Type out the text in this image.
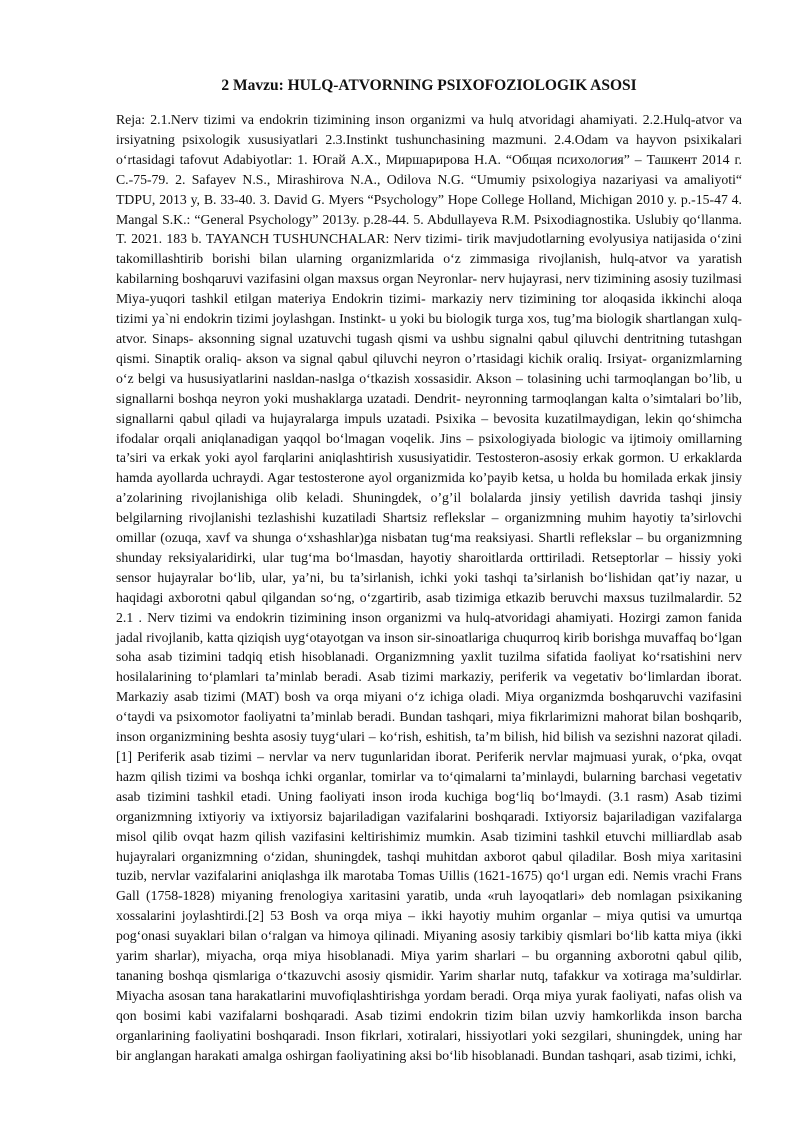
2 Mavzu: HULQ-ATVORNING PSIXOFOZIOLOGIK ASOSI

Reja: 2.1.Nerv tizimi va endokrin tizimining inson organizmi va hulq atvoridagi ahamiyati. 2.2.Hulq-atvor va irsiyatning psixologik xususiyatlari 2.3.Instinkt tushunchasining mazmuni. 2.4.Odam va hayvon psixikalari oʻrtasidagi tafovut Adabiyotlar: 1. Югай А.Х., Миршарирова Н.А. “Общая психология” – Ташкент 2014 г. С.-75-79. 2. Safayev N.S., Mirashirova N.A., Odilova N.G. “Umumiy psixologiya nazariyasi va amaliyoti“ TDPU, 2013 y, B. 33-40. 3. David G. Myers “Psychology” Hope College Holland, Michigan 2010 y. p.-15-47 4. Mangal S.K.: “General Psychology” 2013y. p.28-44. 5. Abdullayeva R.M. Psixodiagnostika. Uslubiy qoʻllanma. T. 2021. 183 b. TAYANCH TUSHUNCHALAR: Nerv tizimi- tirik mavjudotlarning evolyusiya natijasida oʻzini takomillashtirib borishi bilan ularning organizmlarida oʻz zimmasiga rivojlanish, hulq-atvor va yaratish kabilarning boshqaruvi vazifasini olgan maxsus organ Neyronlar- nerv hujayrasi, nerv tizimining asosiy tuzilmasi Miya-yuqori tashkil etilgan materiya Endokrin tizimi- markaziy nerv tizimining tor aloqasida ikkinchi aloqa tizimi ya`ni endokrin tizimi joylashgan. Instinkt- u yoki bu biologik turga xos, tug’ma biologik shartlangan xulq-atvor. Sinaps- aksonning signal uzatuvchi tugash qismi va ushbu signalni qabul qiluvchi dentritning tutashgan qismi. Sinaptik oraliq- akson va signal qabul qiluvchi neyron o’rtasidagi kichik oraliq. Irsiyat- organizmlarning oʻz belgi va hususiyatlarini nasldan-naslga oʻtkazish xossasidir. Akson – tolasining uchi tarmoqlangan bo’lib, u signallarni boshqa neyron yoki mushaklarga uzatadi. Dendrit- neyronning tarmoqlangan kalta o’simtalari bo’lib, signallarni qabul qiladi va hujayralarga impuls uzatadi. Psixika – bevosita kuzatilmaydigan, lekin qoʻshimcha ifodalar orqali aniqlanadigan yaqqol boʻlmagan voqelik. Jins – psixologiyada biologic va ijtimoiy omillarning ta’siri va erkak yoki ayol farqlarini aniqlashtirish xususiyatidir. Testosteron-asosiy erkak gormon. U erkaklarda hamda ayollarda uchraydi. Agar testosterone ayol organizmida ko’payib ketsa, u holda bu homilada erkak jinsiy a’zolarining rivojlanishiga olib keladi. Shuningdek, o’g’il bolalarda jinsiy yetilish davrida tashqi jinsiy belgilarning rivojlanishi tezlashishi kuzatiladi Shartsiz reflekslar – organizmning muhim hayotiy ta’sirlovchi omillar (ozuqa, xavf va shunga oʻxshashlar)ga nisbatan tugʻma reaksiyasi. Shartli reflekslar – bu organizmning shunday reksiyalaridirki, ular tugʻma boʻlmasdan, hayotiy sharoitlarda orttiriladi. Retseptorlar – hissiy yoki sensor hujayralar boʻlib, ular, ya’ni, bu ta’sirlanish, ichki yoki tashqi ta’sirlanish boʻlishidan qat’iy nazar, u haqidagi axborotni qabul qilgandan soʻng, oʻzgartirib, asab tizimiga etkazib beruvchi maxsus tuzilmalardir. 52 2.1 . Nerv tizimi va endokrin tizimining inson organizmi va hulq-atvoridagi ahamiyati. Hozirgi zamon fanida jadal rivojlanib, katta qiziqish uygʻotayotgan va inson sir-sinoatlariga chuqurroq kirib borishga muvaffaq boʻlgan soha asab tizimini tadqiq etish hisoblanadi. Organizmning yaxlit tuzilma sifatida faoliyat koʻrsatishini nerv hosilalarining toʻplamlari taʼminlab beradi. Asab tizimi markaziy, periferik va vegetativ boʻlimlardan iborat. Markaziy asab tizimi (MAT) bosh va orqa miyani oʻz ichiga oladi. Miya organizmda boshqaruvchi vazifasini oʻtaydi va psixomotor faoliyatni taʼminlab beradi. Bundan tashqari, miya fikrlarimizni mahorat bilan boshqarib, inson organizmining beshta asosiy tuygʻulari – koʻrish, eshitish, taʼm bilish, hid bilish va sezishni nazorat qiladi.[1] Periferik asab tizimi – nervlar va nerv tugunlaridan iborat. Periferik nervlar majmuasi yurak, oʻpka, ovqat hazm qilish tizimi va boshqa ichki organlar, tomirlar va toʻqimalarni taʼminlaydi, bularning barchasi vegetativ asab tizimini tashkil etadi. Uning faoliyati inson iroda kuchiga bogʻliq boʻlmaydi. (3.1 rasm) Asab tizimi organizmning ixtiyoriy va ixtiyorsiz bajariladigan vazifalarini boshqaradi. Ixtiyorsiz bajariladigan vazifalarga misol qilib ovqat hazm qilish vazifasini keltirishimiz mumkin. Asab tizimini tashkil etuvchi milliardlab asab hujayralari organizmning oʻzidan, shuningdek, tashqi muhitdan axborot qabul qiladilar. Bosh miya xaritasini tuzib, nervlar vazifalarini aniqlashga ilk marotaba Tomas Uillis (1621-1675) qoʻl urgan edi. Nemis vrachi Frans Gall (1758-1828) miyaning frenologiya xaritasini yaratib, unda «ruh layoqatlari» deb nomlagan psixikaning xossalarini joylashtirdi.[2] 53 Bosh va orqa miya – ikki hayotiy muhim organlar – miya qutisi va umurtqa pogʻonasi suyaklari bilan oʻralgan va himoya qilinadi. Miyaning asosiy tarkibiy qismlari boʻlib katta miya (ikki yarim sharlar), miyacha, orqa miya hisoblanadi. Miya yarim sharlari – bu organning axborotni qabul qilib, tananing boshqa qismlariga oʻtkazuvchi asosiy qismidir. Yarim sharlar nutq, tafakkur va xotiraga ma’suldirlar. Miyacha asosan tana harakatlarini muvofiqlashtirishga yordam beradi. Orqa miya yurak faoliyati, nafas olish va qon bosimi kabi vazifalarni boshqaradi. Asab tizimi endokrin tizim bilan uzviy hamkorlikda inson barcha organlarining faoliyatini boshqaradi. Inson fikrlari, xotiralari, hissiyotlari yoki sezgilari, shuningdek, uning har bir anglangan harakati amalga oshirgan faoliyatining aksi boʻlib hisoblanadi. Bundan tashqari, asab tizimi, ichki,
